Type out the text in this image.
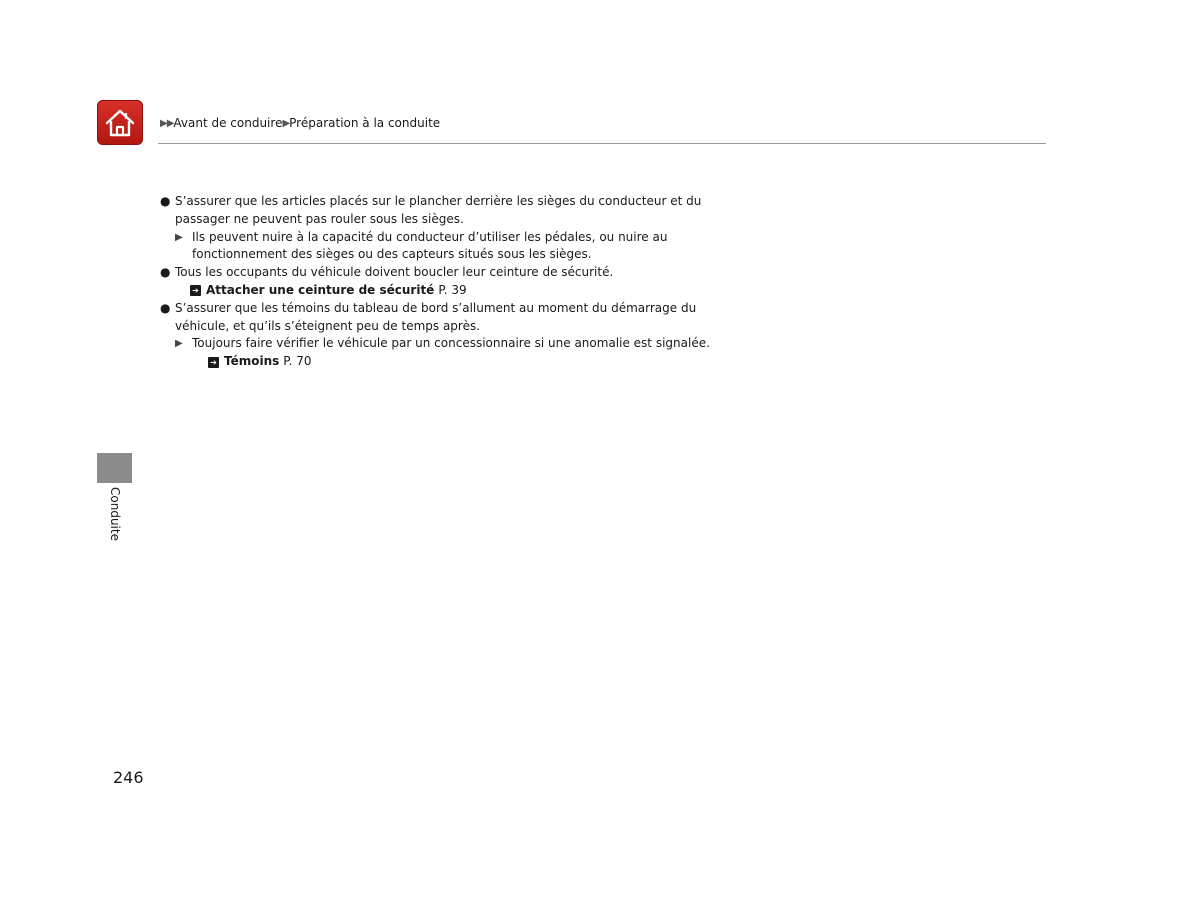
▶▶ Avant de conduire ▶ Préparation à la conduite
● S’assurer que les articles placés sur le plancher derrière les sièges du conducteur et du
passager ne peuvent pas rouler sous les sièges.
▶ Ils peuvent nuire à la capacité du conducteur d’utiliser les pédales, ou nuire au
fonctionnement des sièges ou des capteurs situés sous les sièges.
● Tous les occupants du véhicule doivent boucler leur ceinture de sécurité.
➔ Attacher une ceinture de sécurité P. 39
● S’assurer que les témoins du tableau de bord s’allument au moment du démarrage du
véhicule, et qu’ils s’éteignent peu de temps après.
▶ Toujours faire vérifier le véhicule par un concessionnaire si une anomalie est signalée.
➔ Témoins P. 70
Conduite
246
